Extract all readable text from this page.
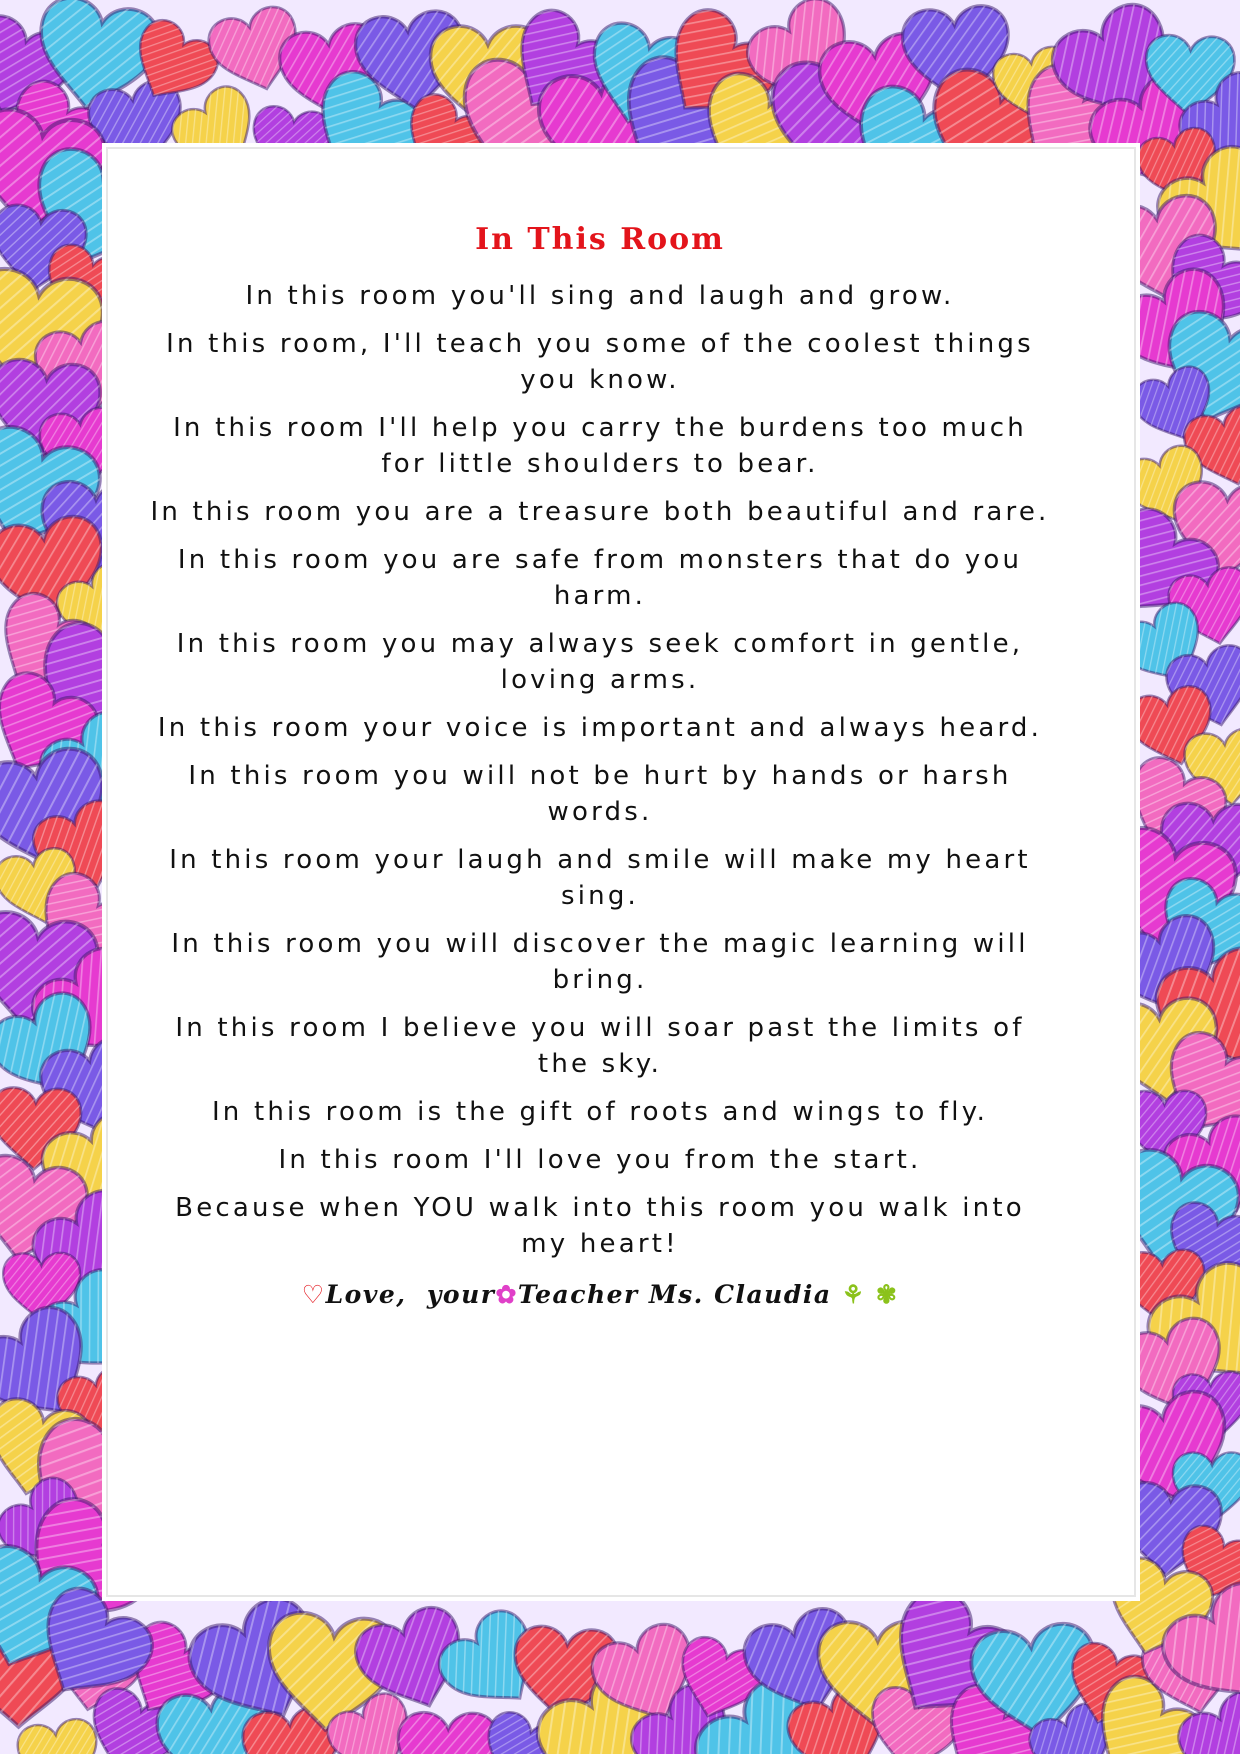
In This Room
In this room you'll sing and laugh and grow.
In this room, I'll teach you some of the coolest things you know.
In this room I'll help you carry the burdens too much for little shoulders to bear.
In this room you are a treasure both beautiful and rare.
In this room you are safe from monsters that do you harm.
In this room you may always seek comfort in gentle, loving arms.
In this room your voice is important and always heard.
In this room you will not be hurt by hands or harsh words.
In this room your laugh and smile will make my heart sing.
In this room you will discover the magic learning will bring.
In this room I believe you will soar past the limits of the sky.
In this room is the gift of roots and wings to fly.
In this room I'll love you from the start.
Because when YOU walk into this room you walk into my heart!
♡Love, your✿Teacher Ms. Claudia ⚘ ✾
